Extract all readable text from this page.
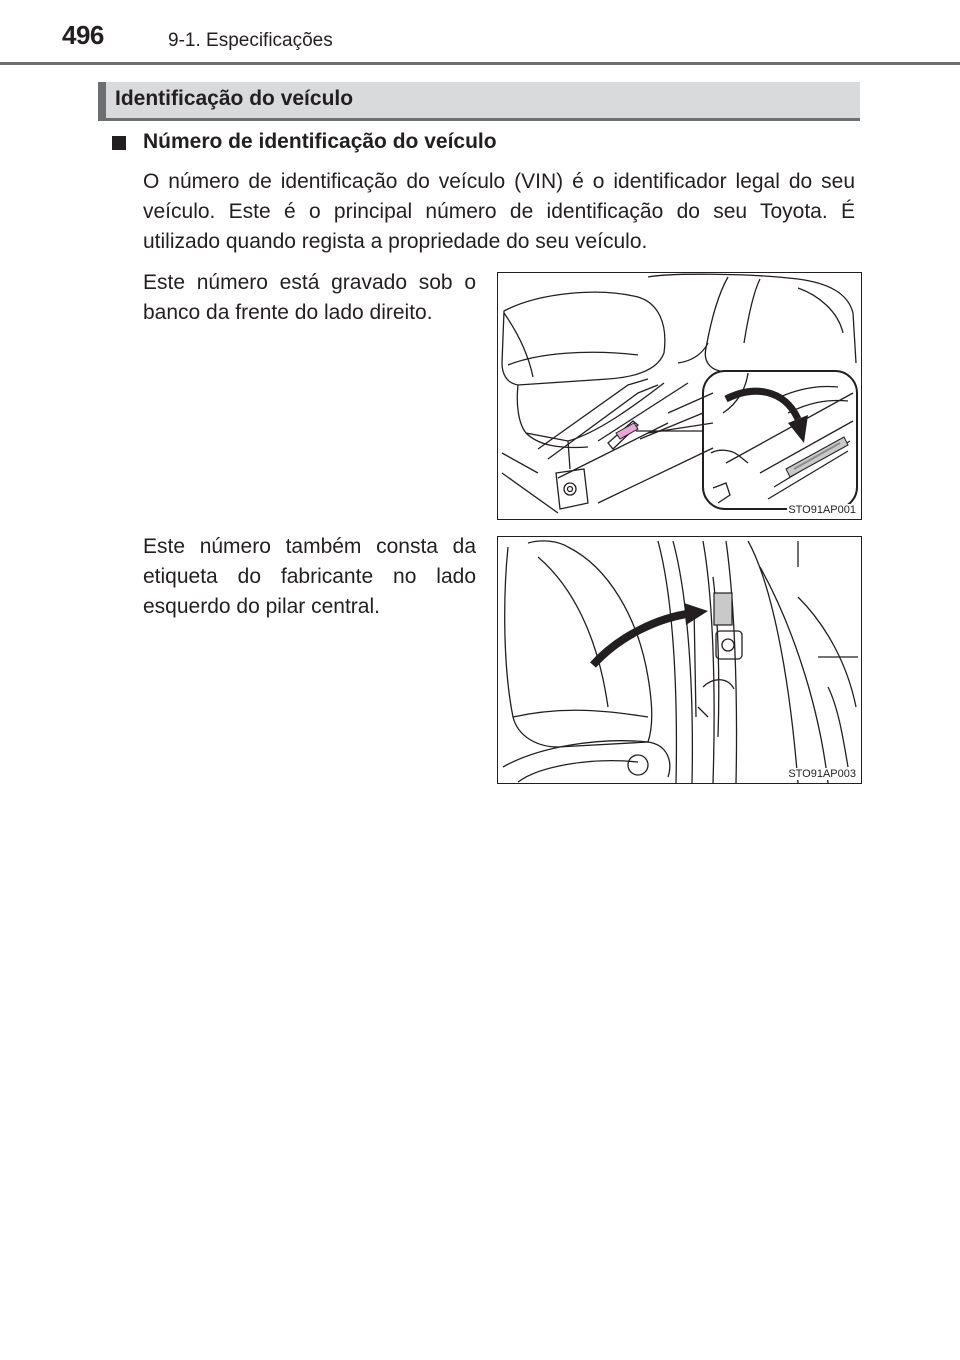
496	9-1. Especificações
Identificação do veículo
Número de identificação do veículo
O número de identificação do veículo (VIN) é o identificador legal do seu veículo. Este é o principal número de identificação do seu Toyota. É utilizado quando regista a propriedade do seu veículo.
Este número está gravado sob o banco da frente do lado direito.
STO91AP001
Este número também consta da etiqueta do fabricante no lado esquerdo do pilar central.
STO91AP003
